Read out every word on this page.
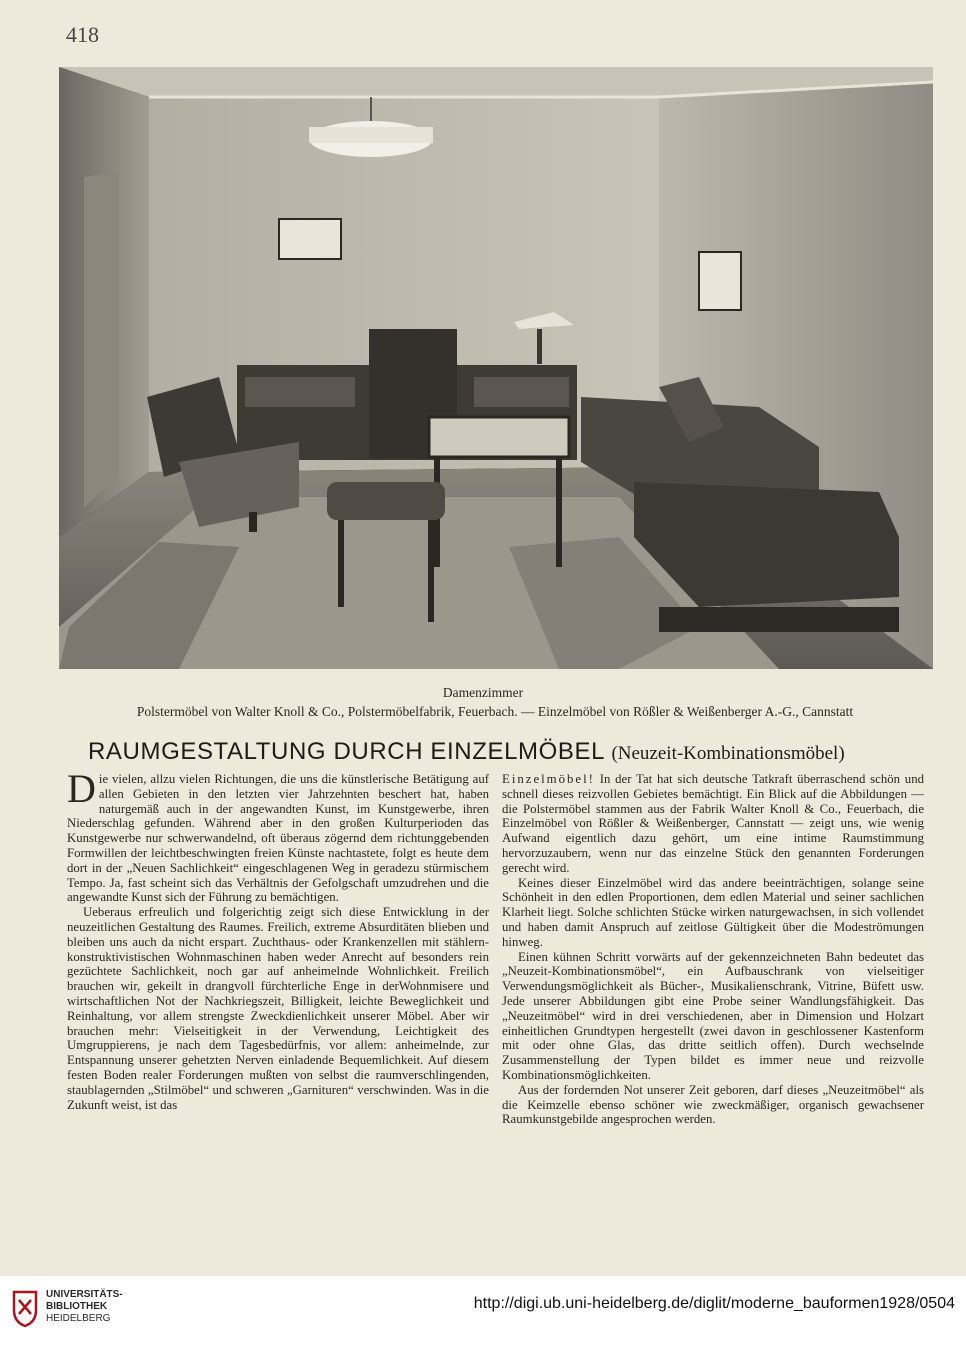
418
Damenzimmer
Polstermöbel von Walter Knoll & Co., Polstermöbelfabrik, Feuerbach. — Einzelmöbel von Rößler & Weißenberger A.-G., Cannstatt
RAUMGESTALTUNG DURCH EINZELMÖBEL (Neuzeit-Kombinationsmöbel)

Die vielen, allzu vielen Richtungen, die uns die künstlerische Betätigung auf allen Gebieten in den letzten vier Jahrzehnten beschert hat, haben naturgemäß auch in der angewandten Kunst, im Kunstgewerbe, ihren Niederschlag gefunden. Während aber in den großen Kulturperioden das Kunstgewerbe nur schwerwandelnd, oft überaus zögernd dem richtunggebenden Formwillen der leichtbeschwingten freien Künste nachtastete, folgt es heute dem dort in der „Neuen Sachlichkeit“ eingeschlagenen Weg in geradezu stürmischem Tempo. Ja, fast scheint sich das Verhältnis der Gefolgschaft umzudrehen und die angewandte Kunst sich der Führung zu bemächtigen.

Ueberaus erfreulich und folgerichtig zeigt sich diese Entwicklung in der neuzeitlichen Gestaltung des Raumes. Freilich, extreme Absurditäten blieben und bleiben uns auch da nicht erspart. Zuchthaus- oder Krankenzellen mit stählern-konstruktivistischen Wohnmaschinen haben weder Anrecht auf besonders rein gezüchtete Sachlichkeit, noch gar auf anheimelnde Wohnlichkeit. Freilich brauchen wir, gekeilt in drangvoll fürchterliche Enge in derWohnmisere und wirtschaftlichen Not der Nachkriegszeit, Billigkeit, leichte Beweglichkeit und Reinhaltung, vor allem strengste Zweckdienlichkeit unserer Möbel. Aber wir brauchen mehr: Vielseitigkeit in der Verwendung, Leichtigkeit des Umgruppierens, je nach dem Tagesbedürfnis, vor allem: anheimelnde, zur Entspannung unserer gehetzten Nerven einladende Bequemlichkeit. Auf diesem festen Boden realer Forderungen mußten von selbst die raumverschlingenden, staublagernden „Stilmöbel“ und schweren „Garnituren“ verschwinden. Was in die Zukunft weist, ist das

Einzelmöbel! In der Tat hat sich deutsche Tatkraft überraschend schön und schnell dieses reizvollen Gebietes bemächtigt. Ein Blick auf die Abbildungen — die Polstermöbel stammen aus der Fabrik Walter Knoll & Co., Feuerbach, die Einzelmöbel von Rößler & Weißenberger, Cannstatt — zeigt uns, wie wenig Aufwand eigentlich dazu gehört, um eine intime Raumstimmung hervorzuzaubern, wenn nur das einzelne Stück den genannten Forderungen gerecht wird.

Keines dieser Einzelmöbel wird das andere beeinträchtigen, solange seine Schönheit in den edlen Proportionen, dem edlen Material und seiner sachlichen Klarheit liegt. Solche schlichten Stücke wirken naturgewachsen, in sich vollendet und haben damit Anspruch auf zeitlose Gültigkeit über die Modeströmungen hinweg.

Einen kühnen Schritt vorwärts auf der gekennzeichneten Bahn bedeutet das „Neuzeit-Kombinationsmöbel“, ein Aufbauschrank von vielseitiger Verwendungsmöglichkeit als Bücher-, Musikalienschrank, Vitrine, Büfett usw. Jede unserer Abbildungen gibt eine Probe seiner Wandlungsfähigkeit. Das „Neuzeitmöbel“ wird in drei verschiedenen, aber in Dimension und Holzart einheitlichen Grundtypen hergestellt (zwei davon in geschlossener Kastenform mit oder ohne Glas, das dritte seitlich offen). Durch wechselnde Zusammenstellung der Typen bildet es immer neue und reizvolle Kombinationsmöglichkeiten.

Aus der fordernden Not unserer Zeit geboren, darf dieses „Neuzeitmöbel“ als die Keimzelle ebenso schöner wie zweckmäßiger, organisch gewachsener Raumkunstgebilde angesprochen werden.

UNIVERSITÄTS-
BIBLIOTHEK
HEIDELBERG
http://digi.ub.uni-heidelberg.de/diglit/moderne_bauformen1928/0504
